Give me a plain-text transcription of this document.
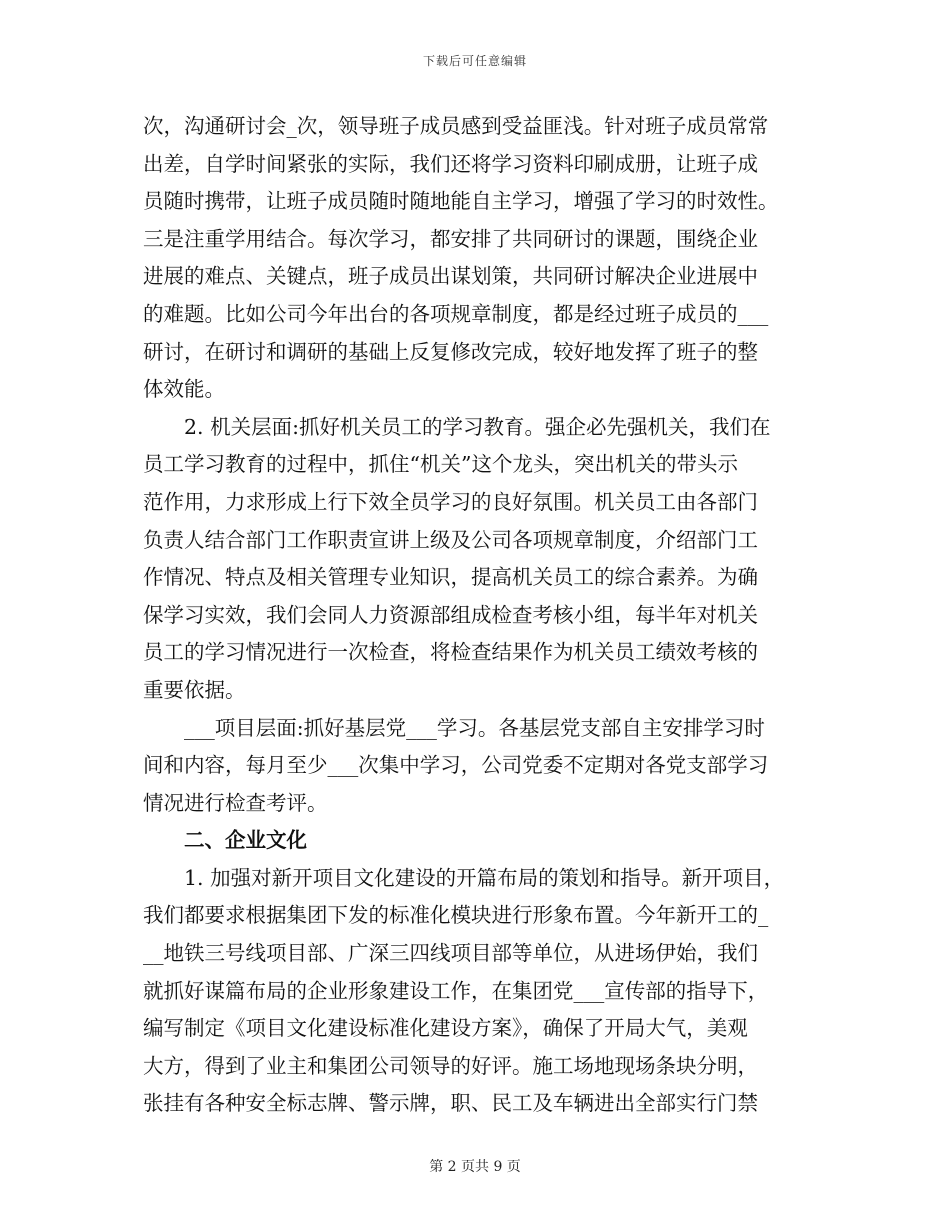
下载后可任意编辑
次，沟通研讨会_次，领导班子成员感到受益匪浅。针对班子成员常常
出差，自学时间紧张的实际，我们还将学习资料印刷成册，让班子成
员随时携带，让班子成员随时随地能自主学习，增强了学习的时效性。
三是注重学用结合。每次学习，都安排了共同研讨的课题，围绕企业
进展的难点、关键点，班子成员出谋划策，共同研讨解决企业进展中
的难题。比如公司今年出台的各项规章制度，都是经过班子成员的___
研讨，在研讨和调研的基础上反复修改完成，较好地发挥了班子的整
体效能。
2. 机关层面:抓好机关员工的学习教育。强企必先强机关，我们在
员工学习教育的过程中，抓住“机关”这个龙头，突出机关的带头示
范作用，力求形成上行下效全员学习的良好氛围。机关员工由各部门
负责人结合部门工作职责宣讲上级及公司各项规章制度，介绍部门工
作情况、特点及相关管理专业知识，提高机关员工的综合素养。为确
保学习实效，我们会同人力资源部组成检查考核小组，每半年对机关
员工的学习情况进行一次检查，将检查结果作为机关员工绩效考核的
重要依据。
___项目层面:抓好基层党___学习。各基层党支部自主安排学习时
间和内容，每月至少___次集中学习，公司党委不定期对各党支部学习
情况进行检查考评。
二、企业文化
1. 加强对新开项目文化建设的开篇布局的策划和指导。新开项目，
我们都要求根据集团下发的标准化模块进行形象布置。今年新开工的_
__地铁三号线项目部、广深三四线项目部等单位，从进场伊始，我们
就抓好谋篇布局的企业形象建设工作，在集团党___宣传部的指导下，
编写制定《项目文化建设标准化建设方案》，确保了开局大气，美观
大方，得到了业主和集团公司领导的好评。施工场地现场条块分明，
张挂有各种安全标志牌、警示牌，职、民工及车辆进出全部实行门禁
第 2 页共 9 页
